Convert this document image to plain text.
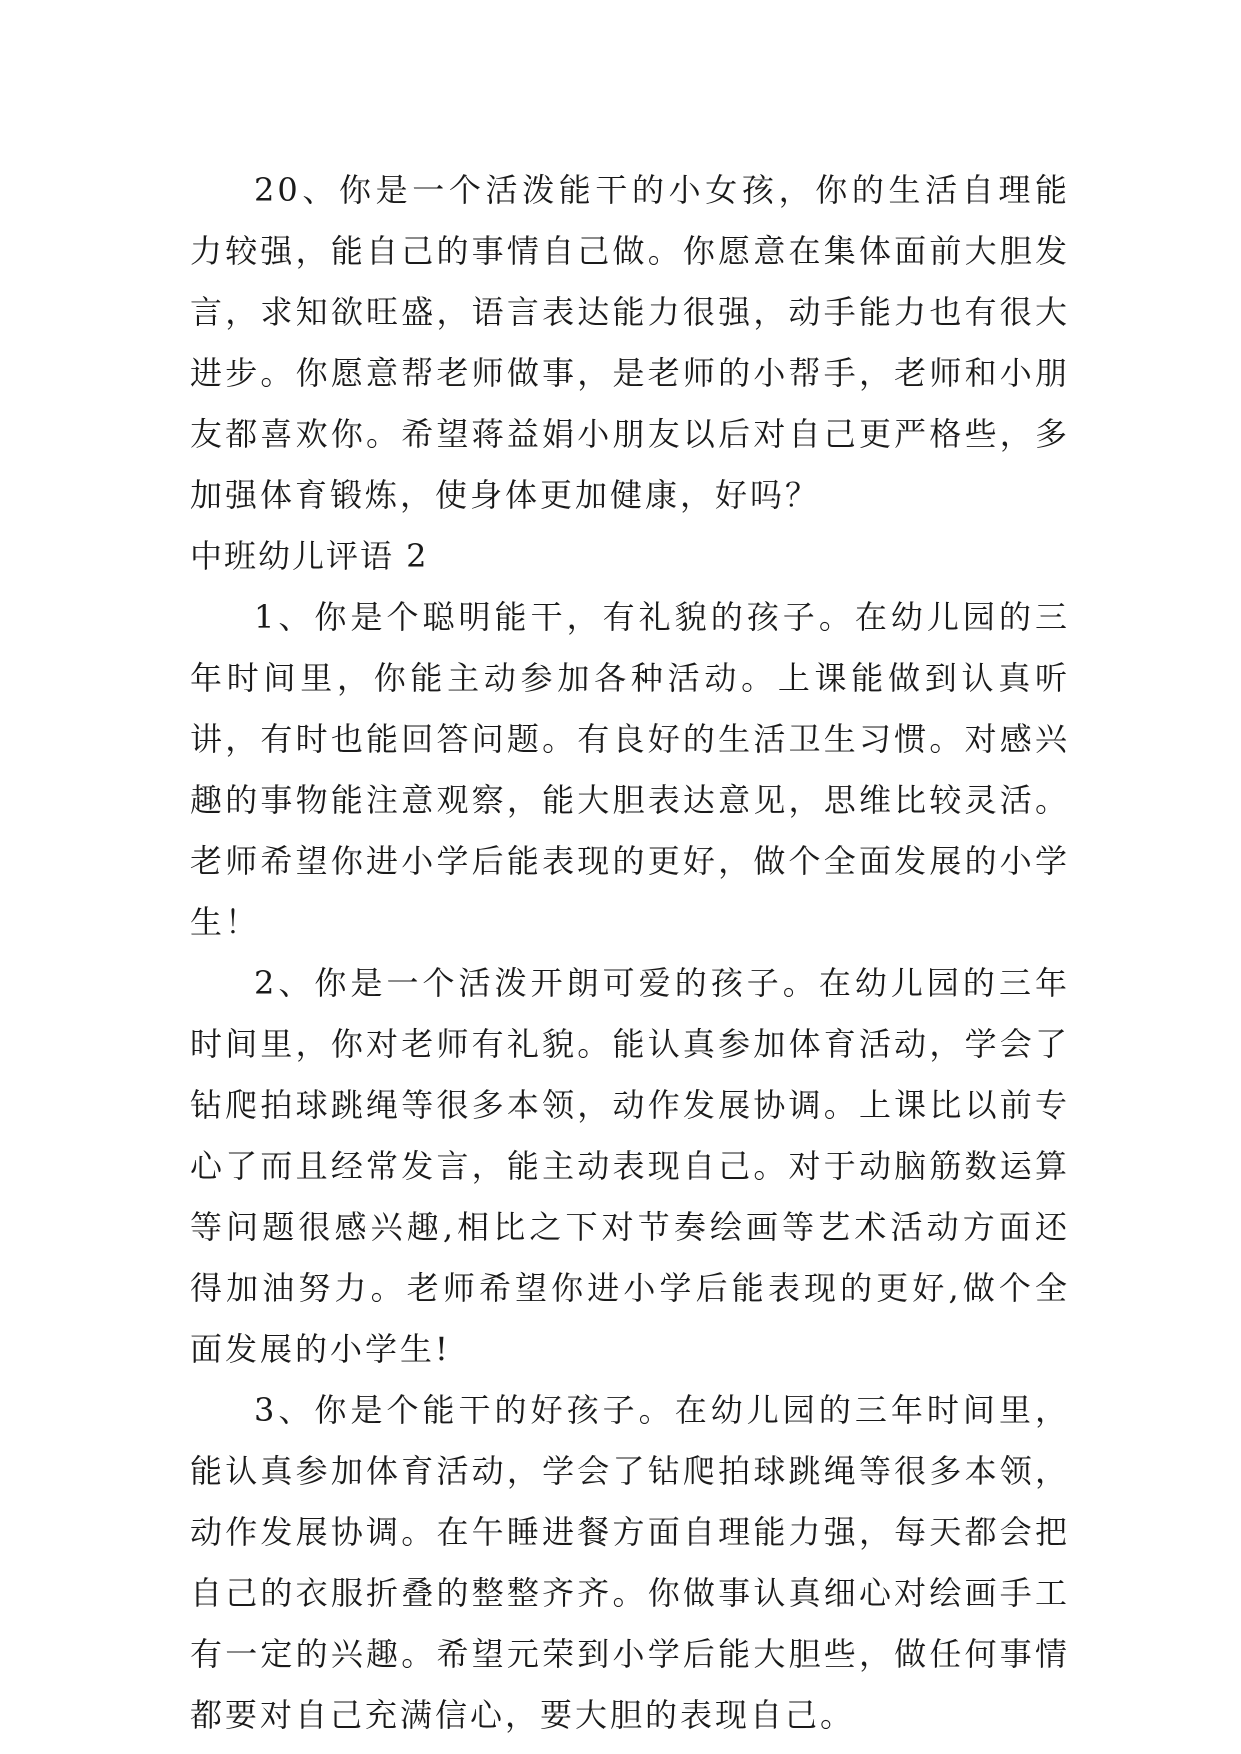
20、你是一个活泼能干的小女孩，你的生活自理能力较强，能自己的事情自己做。你愿意在集体面前大胆发言，求知欲旺盛，语言表达能力很强，动手能力也有很大进步。你愿意帮老师做事，是老师的小帮手，老师和小朋友都喜欢你。希望蒋益娟小朋友以后对自己更严格些，多加强体育锻炼，使身体更加健康，好吗？

中班幼儿评语 2

1、你是个聪明能干，有礼貌的孩子。在幼儿园的三年时间里，你能主动参加各种活动。上课能做到认真听讲，有时也能回答问题。有良好的生活卫生习惯。对感兴趣的事物能注意观察，能大胆表达意见，思维比较灵活。老师希望你进小学后能表现的更好，做个全面发展的小学生！

2、你是一个活泼开朗可爱的孩子。在幼儿园的三年时间里，你对老师有礼貌。能认真参加体育活动，学会了钻爬拍球跳绳等很多本领，动作发展协调。上课比以前专心了而且经常发言，能主动表现自己。对于动脑筋数运算等问题很感兴趣,相比之下对节奏绘画等艺术活动方面还得加油努力。老师希望你进小学后能表现的更好,做个全面发展的小学生!

3、你是个能干的好孩子。在幼儿园的三年时间里，能认真参加体育活动，学会了钻爬拍球跳绳等很多本领，动作发展协调。在午睡进餐方面自理能力强，每天都会把自己的衣服折叠的整整齐齐。你做事认真细心对绘画手工有一定的兴趣。希望元荣到小学后能大胆些，做任何事情都要对自己充满信心，要大胆的表现自己。
